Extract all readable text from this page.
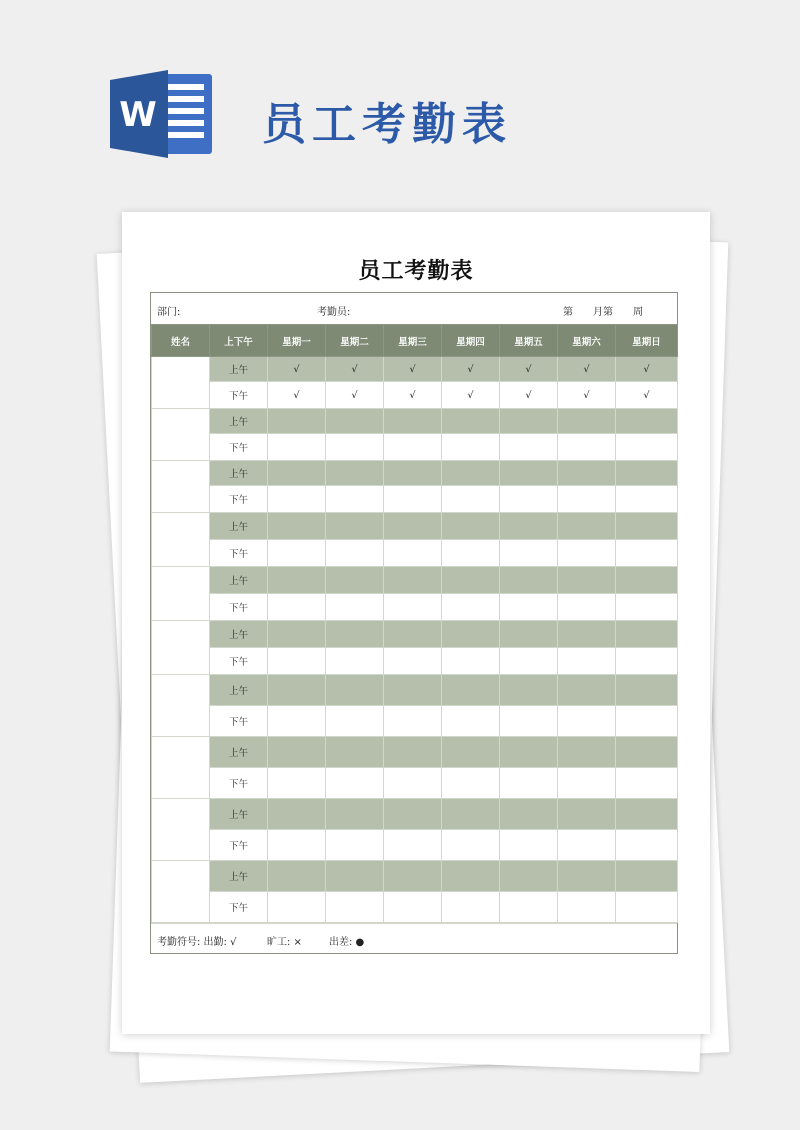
W 员工考勤表
员工考勤表
部门:	考勤员:	第　　月第　　周
姓名	上下午	星期一	星期二	星期三	星期四	星期五	星期六	星期日
	上午	√	√	√	√	√	√	√
	下午	√	√	√	√	√	√	√
	上午							
	下午							
	上午							
	下午							
	上午							
	下午							
	上午							
	下午							
	上午							
	下午							
	上午							
	下午							
	上午							
	下午							
	上午							
	下午							
	上午							
	下午							
考勤符号: 出勤: √	旷工: ×	出差: ●
